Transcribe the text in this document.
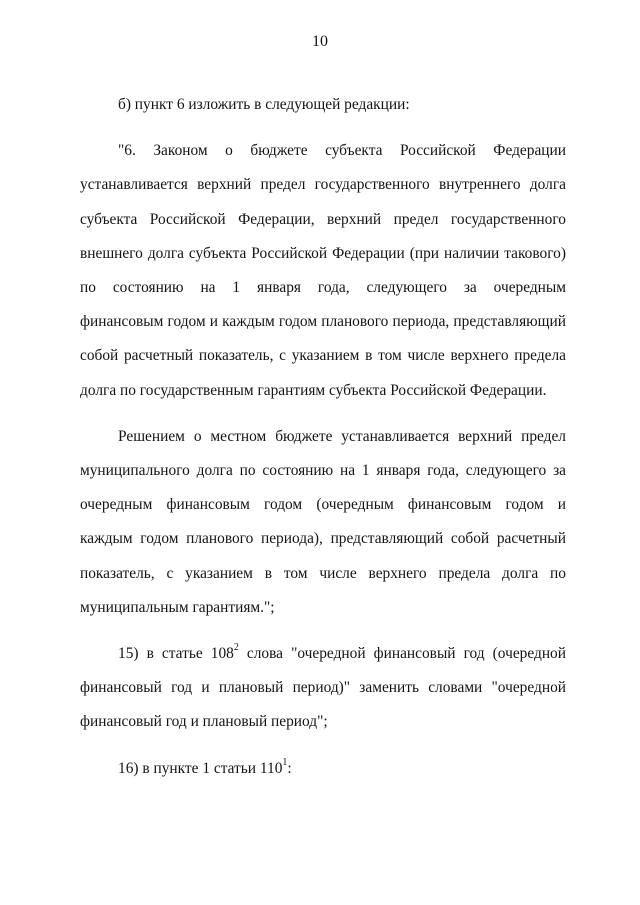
10

б) пункт 6 изложить в следующей редакции:

"6. Законом о бюджете субъекта Российской Федерации
устанавливается верхний предел государственного внутреннего долга
субъекта Российской Федерации, верхний предел государственного
внешнего долга субъекта Российской Федерации (при наличии такового)
по состоянию на 1 января года, следующего за очередным
финансовым годом и каждым годом планового периода, представляющий
собой расчетный показатель, с указанием в том числе верхнего предела
долга по государственным гарантиям субъекта Российской Федерации.

Решением о местном бюджете устанавливается верхний предел
муниципального долга по состоянию на 1 января года, следующего за
очередным финансовым годом (очередным финансовым годом и
каждым годом планового периода), представляющий собой расчетный
показатель, с указанием в том числе верхнего предела долга по
муниципальным гарантиям.";

15) в статье $108^2$ слова "очередной финансовый год (очередной
финансовый год и плановый период)" заменить словами "очередной
финансовый год и плановый период";

16) в пункте 1 статьи $110^1$:
